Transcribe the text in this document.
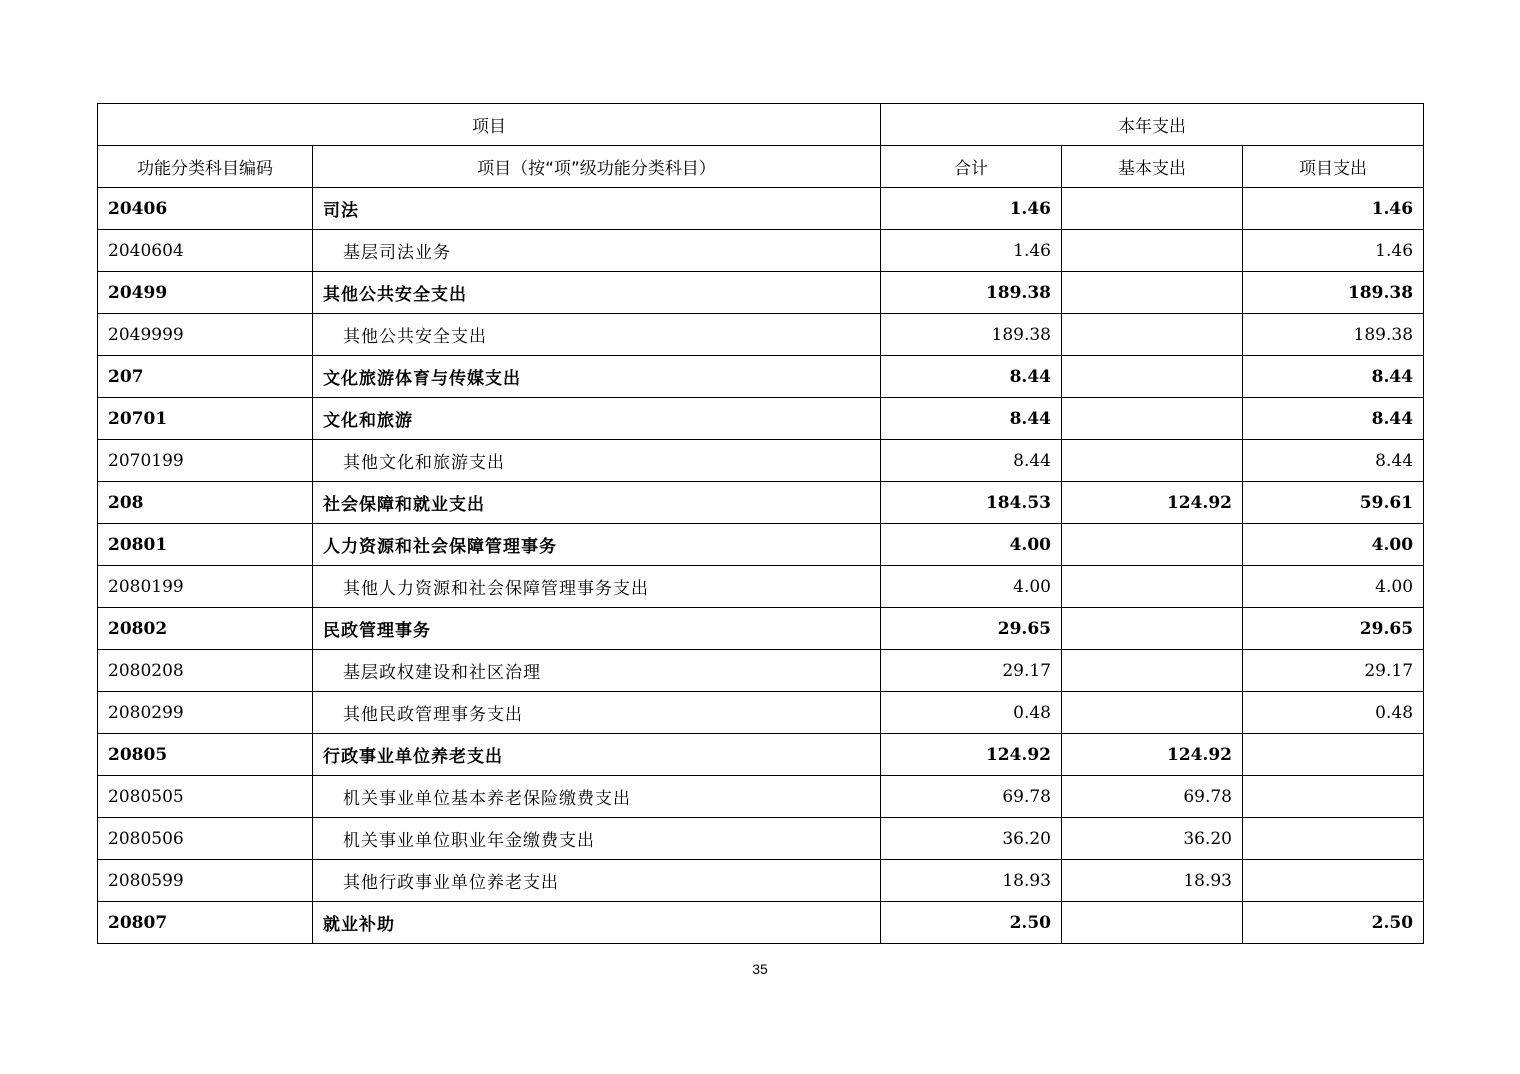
项目		本年支出		
功能分类科目编码	项目（按“项”级功能分类科目）	合计	基本支出	项目支出
20406	司法	1.46		1.46
2040604	基层司法业务	1.46		1.46
20499	其他公共安全支出	189.38		189.38
2049999	其他公共安全支出	189.38		189.38
207	文化旅游体育与传媒支出	8.44		8.44
20701	文化和旅游	8.44		8.44
2070199	其他文化和旅游支出	8.44		8.44
208	社会保障和就业支出	184.53	124.92	59.61
20801	人力资源和社会保障管理事务	4.00		4.00
2080199	其他人力资源和社会保障管理事务支出	4.00		4.00
20802	民政管理事务	29.65		29.65
2080208	基层政权建设和社区治理	29.17		29.17
2080299	其他民政管理事务支出	0.48		0.48
20805	行政事业单位养老支出	124.92	124.92	
2080505	机关事业单位基本养老保险缴费支出	69.78	69.78	
2080506	机关事业单位职业年金缴费支出	36.20	36.20	
2080599	其他行政事业单位养老支出	18.93	18.93	
20807	就业补助	2.50		2.50
35
